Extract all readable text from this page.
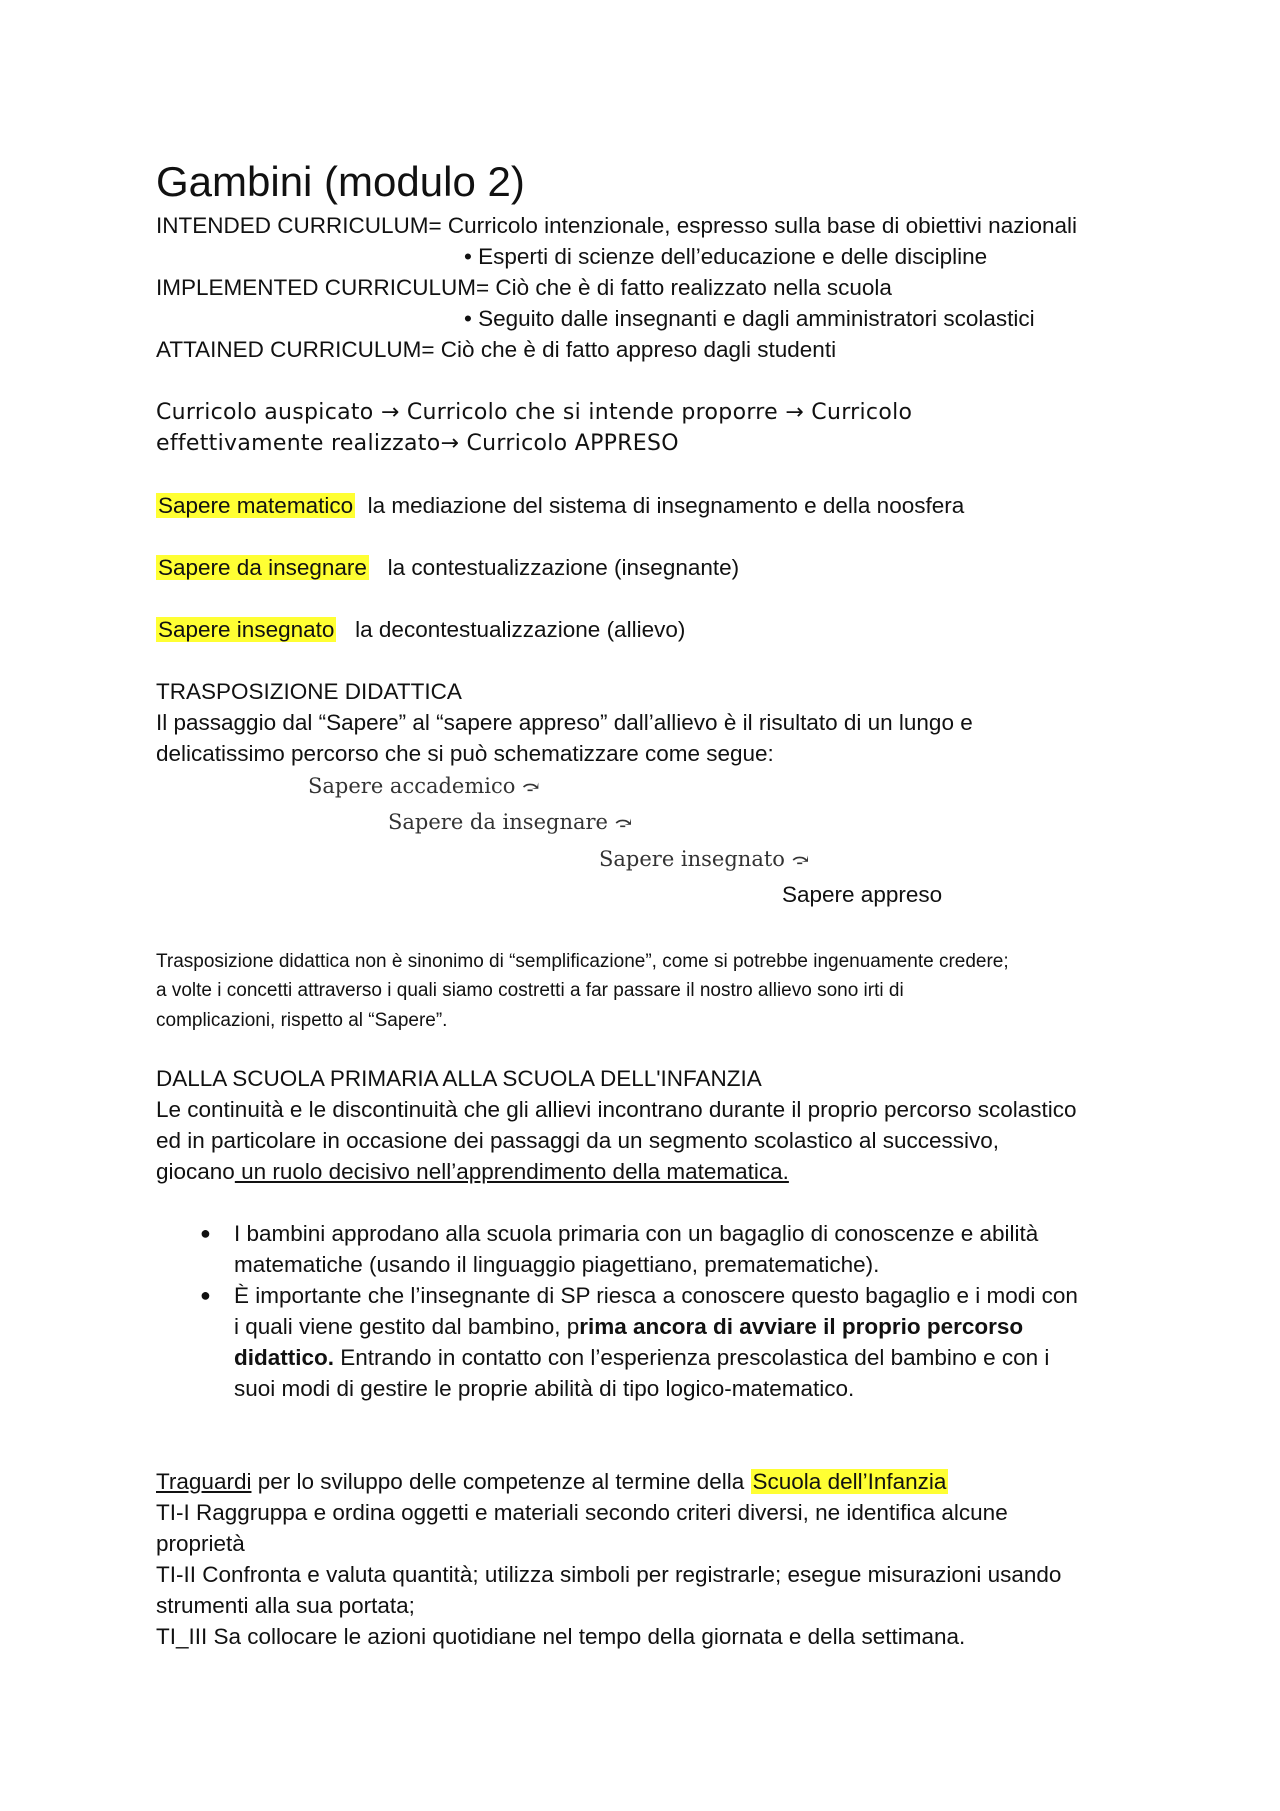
Gambini (modulo 2)
INTENDED CURRICULUM= Curricolo intenzionale, espresso sulla base di obiettivi nazionali
• Esperti di scienze dell’educazione e delle discipline
IMPLEMENTED CURRICULUM= Ciò che è di fatto realizzato nella scuola
• Seguito dalle insegnanti e dagli amministratori scolastici
ATTAINED CURRICULUM= Ciò che è di fatto appreso dagli studenti
Curricolo auspicato → Curricolo che si intende proporre → Curricolo
effettivamente realizzato→ Curricolo APPRESO
Sapere matematico la mediazione del sistema di insegnamento e della noosfera
Sapere da insegnare la contestualizzazione (insegnante)
Sapere insegnato la decontestualizzazione (allievo)
TRASPOSIZIONE DIDATTICA
Il passaggio dal “Sapere” al “sapere appreso” dall’allievo è il risultato di un lungo e
delicatissimo percorso che si può schematizzare come segue:
Sapere accademico ⤼
Sapere da insegnare ⤼
Sapere insegnato ⤼
Sapere appreso
Trasposizione didattica non è sinonimo di “semplificazione”, come si potrebbe ingenuamente credere;
a volte i concetti attraverso i quali siamo costretti a far passare il nostro allievo sono irti di
complicazioni, rispetto al “Sapere”.
DALLA SCUOLA PRIMARIA ALLA SCUOLA DELL'INFANZIA
Le continuità e le discontinuità che gli allievi incontrano durante il proprio percorso scolastico
ed in particolare in occasione dei passaggi da un segmento scolastico al successivo,
giocano un ruolo decisivo nell’apprendimento della matematica.
● I bambini approdano alla scuola primaria con un bagaglio di conoscenze e abilità
matematiche (usando il linguaggio piagettiano, prematematiche).
● È importante che l’insegnante di SP riesca a conoscere questo bagaglio e i modi con
i quali viene gestito dal bambino, prima ancora di avviare il proprio percorso
didattico. Entrando in contatto con l’esperienza prescolastica del bambino e con i
suoi modi di gestire le proprie abilità di tipo logico-matematico.
Traguardi per lo sviluppo delle competenze al termine della Scuola dell’Infanzia
TI-I Raggruppa e ordina oggetti e materiali secondo criteri diversi, ne identifica alcune
proprietà
TI-II Confronta e valuta quantità; utilizza simboli per registrarle; esegue misurazioni usando
strumenti alla sua portata;
TI_III Sa collocare le azioni quotidiane nel tempo della giornata e della settimana.
